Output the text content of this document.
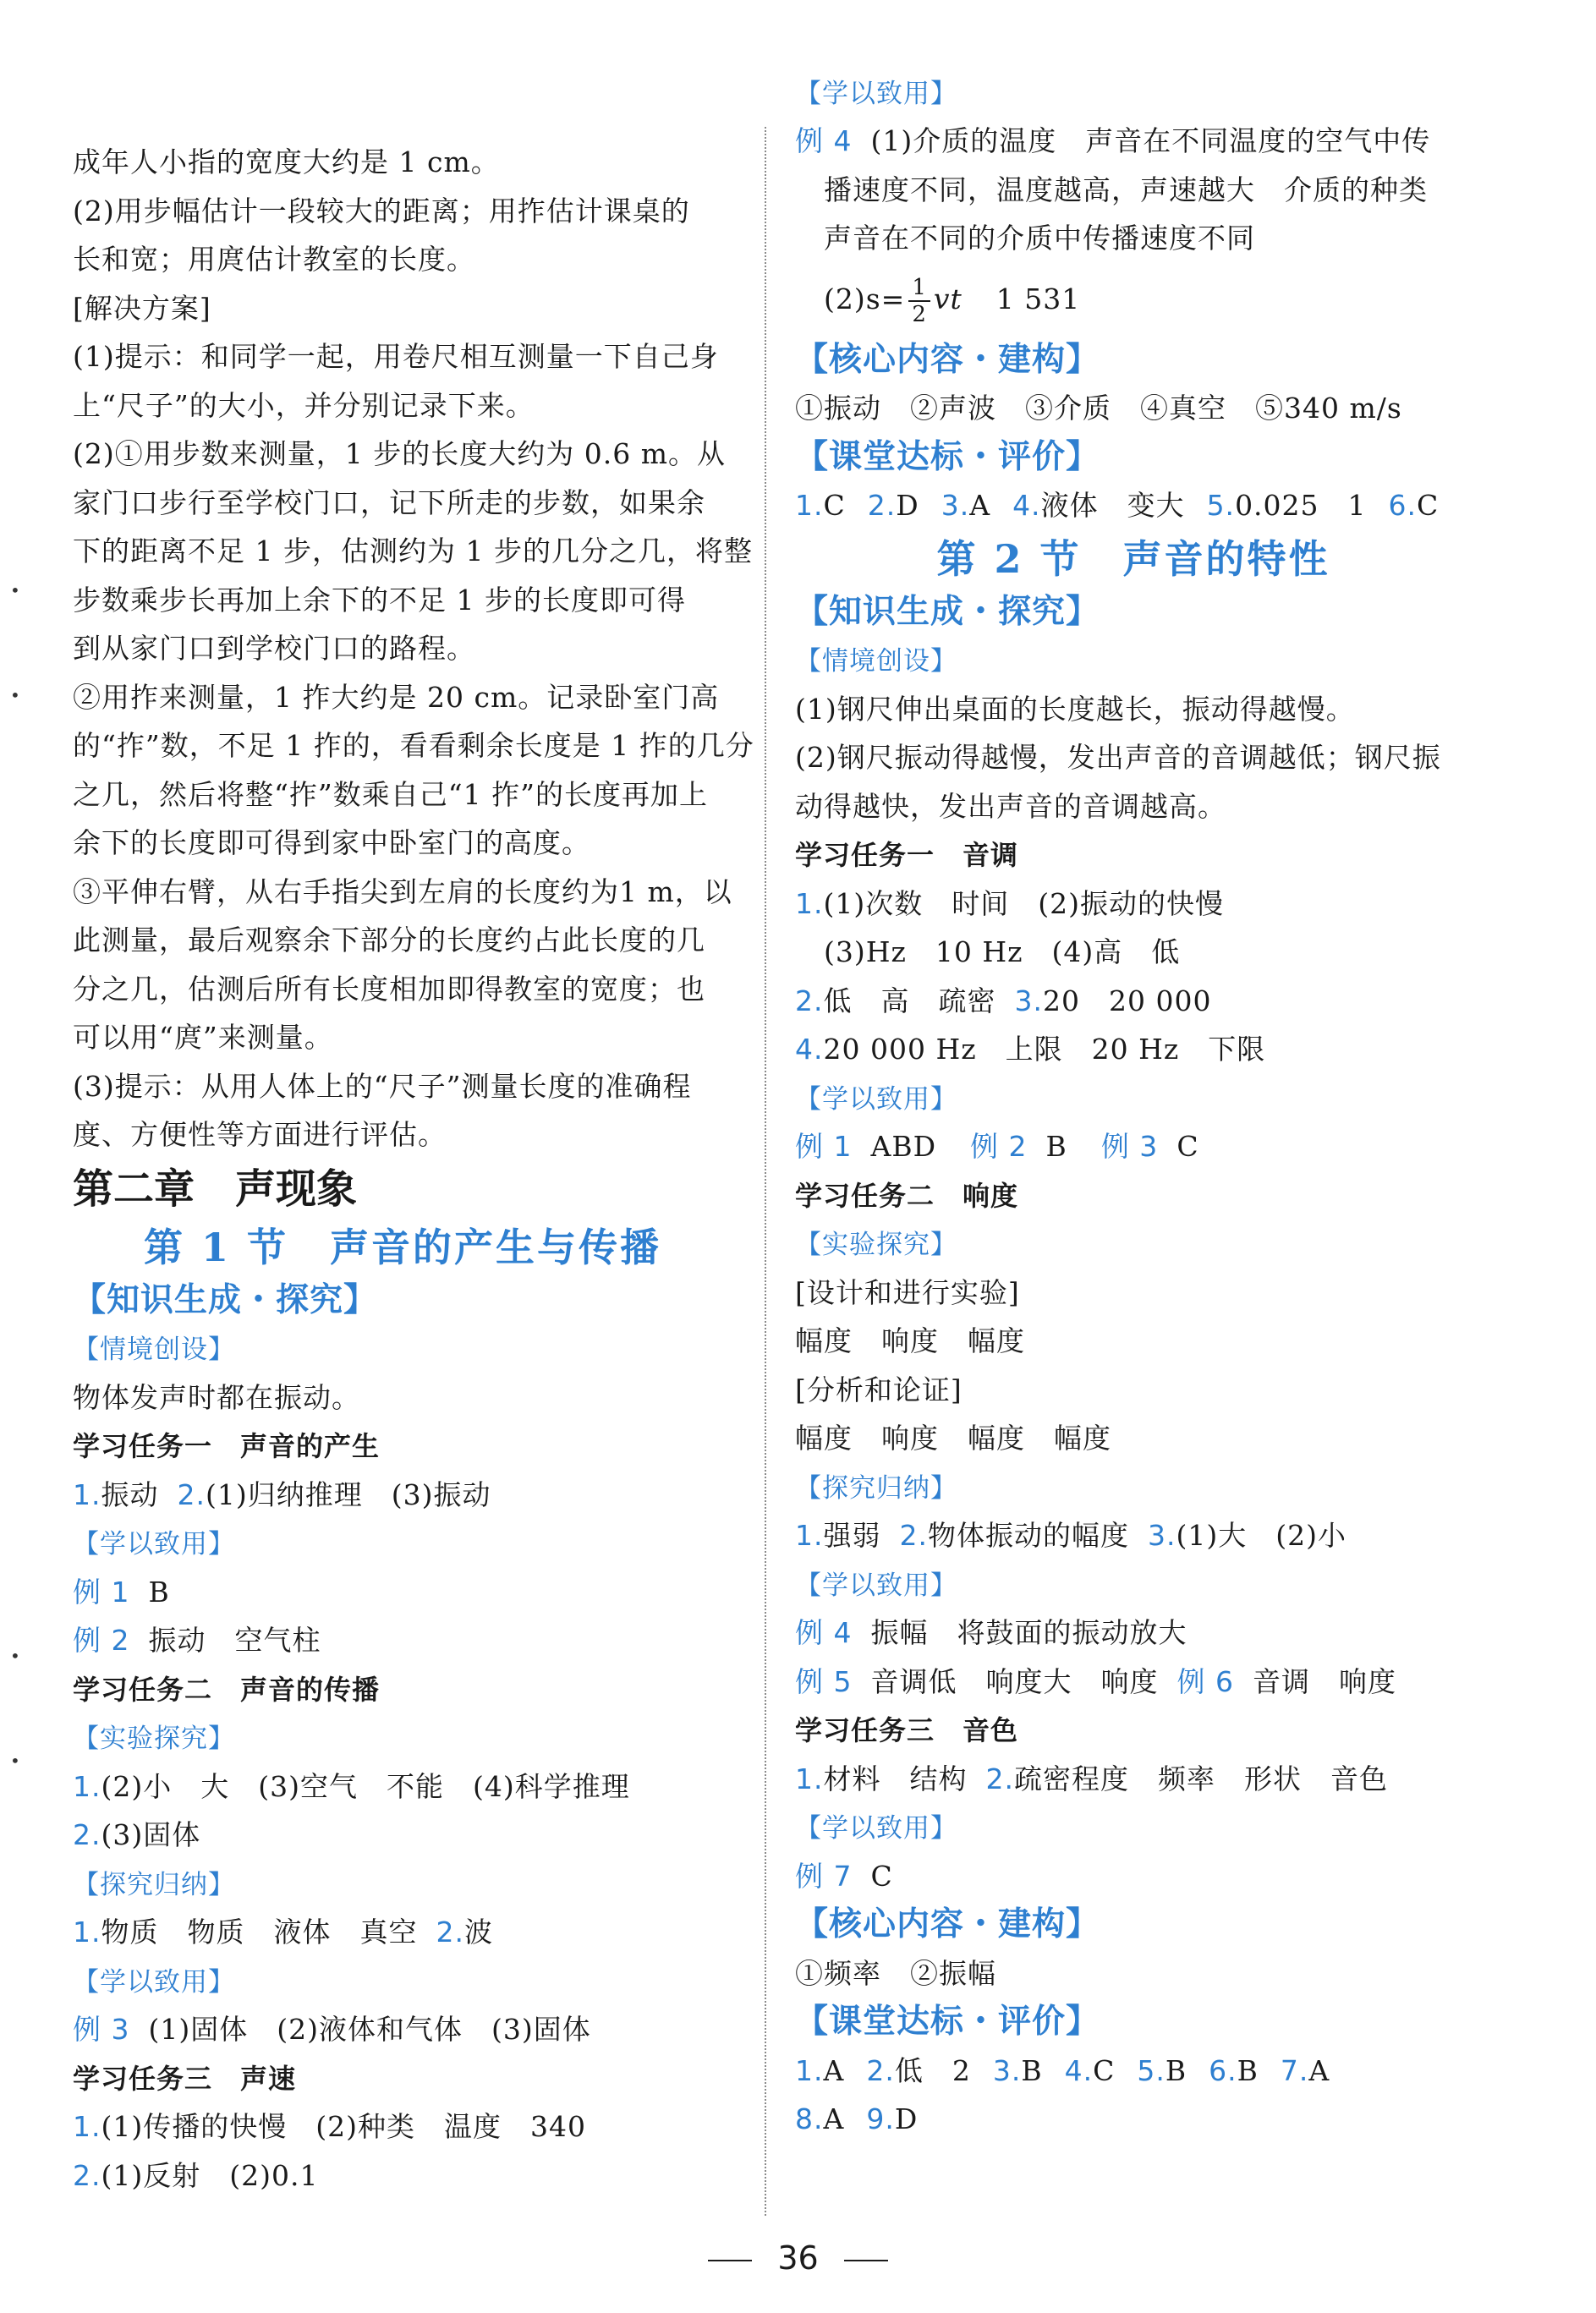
•
•
•
•
成年人小指的宽度大约是 1 cm。
(2)用步幅估计一段较大的距离；用拃估计课桌的
长和宽；用庹估计教室的长度。
[解决方案]
(1)提示：和同学一起，用卷尺相互测量一下自己身
上“尺子”的大小，并分别记录下来。
(2)①用步数来测量，1 步的长度大约为 0.6 m。从
家门口步行至学校门口，记下所走的步数，如果余
下的距离不足 1 步，估测约为 1 步的几分之几，将整
步数乘步长再加上余下的不足 1 步的长度即可得
到从家门口到学校门口的路程。
②用拃来测量，1 拃大约是 20 cm。记录卧室门高
的“拃”数，不足 1 拃的，看看剩余长度是 1 拃的几分
之几，然后将整“拃”数乘自己“1 拃”的长度再加上
余下的长度即可得到家中卧室门的高度。
③平伸右臂，从右手指尖到左肩的长度约为1 m，以
此测量，最后观察余下部分的长度约占此长度的几
分之几，估测后所有长度相加即得教室的宽度；也
可以用“庹”来测量。
(3)提示：从用人体上的“尺子”测量长度的准确程
度、方便性等方面进行评估。
第二章　声现象
第 1 节　声音的产生与传播
【知识生成・探究】
【情境创设】
物体发声时都在振动。
学习任务一　声音的产生
1.振动 2.(1)归纳推理　(3)振动
【学以致用】
例 1 B
例 2 振动　空气柱
学习任务二　声音的传播
【实验探究】
1.(2)小　大　(3)空气　不能　(4)科学推理
2.(3)固体
【探究归纳】
1.物质　物质　液体　真空 2.波
【学以致用】
例 3 (1)固体　(2)液体和气体　(3)固体
学习任务三　声速
1.(1)传播的快慢　(2)种类　温度　340
2.(1)反射　(2)0.1
【学以致用】
例 4 (1)介质的温度　声音在不同温度的空气中传
播速度不同，温度越高，声速越大　介质的种类
声音在不同的介质中传播速度不同
$(2)s= \frac{1}{2}$ vt 1 531
【核心内容・建构】
①振动　②声波　③介质　④真空　⑤340 m/s
【课堂达标・评价】
1.C 2.D 3.A 4.液体　变大 5.0.025　1 6.C
第 2 节　声音的特性
【知识生成・探究】
【情境创设】
(1)钢尺伸出桌面的长度越长，振动得越慢。
(2)钢尺振动得越慢，发出声音的音调越低；钢尺振
动得越快，发出声音的音调越高。
学习任务一　音调
1.(1)次数　时间　(2)振动的快慢
(3)Hz　10 Hz　(4)高　低
2.低　高　疏密 3.20　20 000
4.20 000 Hz　上限　20 Hz　下限
【学以致用】
例 1 ABD 例 2 B 例 3 C
学习任务二　响度
【实验探究】
[设计和进行实验]
幅度　响度　幅度
[分析和论证]
幅度　响度　幅度　幅度
【探究归纳】
1.强弱 2.物体振动的幅度 3.(1)大　(2)小
【学以致用】
例 4 振幅　将鼓面的振动放大
例 5 音调低　响度大　响度 例 6 音调　响度
学习任务三　音色
1.材料　结构 2.疏密程度　频率　形状　音色
【学以致用】
例 7 C
【核心内容・建构】
①频率　②振幅
【课堂达标・评价】
1.A 2.低　2 3.B 4.C 5.B 6.B 7.A
8.A 9.D
36
